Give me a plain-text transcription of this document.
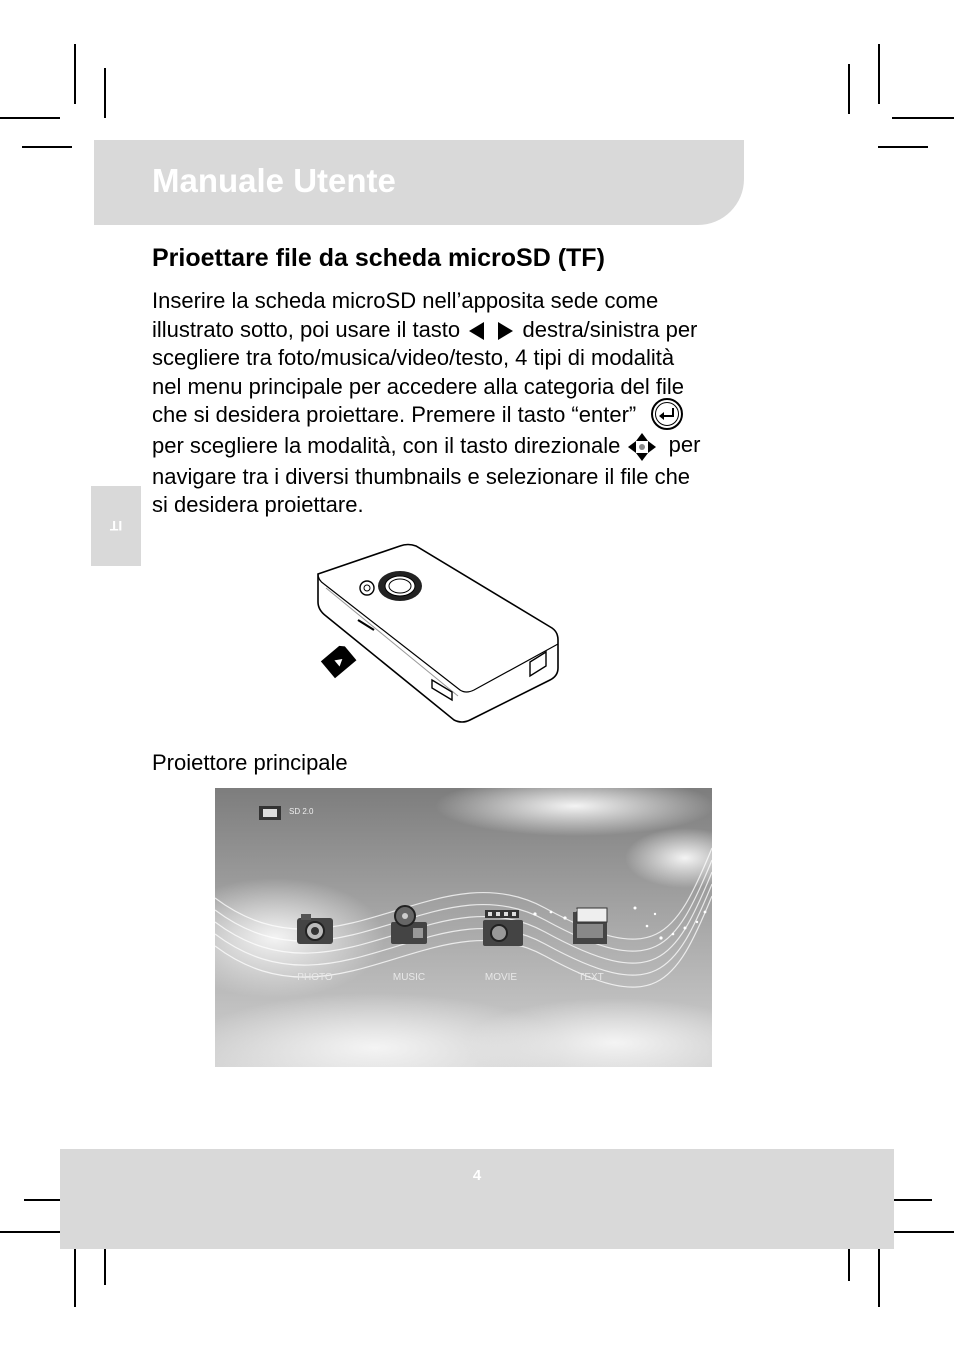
Manuale Utente
IT
Prioettare file da scheda microSD (TF)
Inserire la scheda microSD nell’apposita sede come
illustrato sotto, poi usare il tasto	destra/sinistra per
scegliere tra foto/musica/video/testo, 4 tipi di modalità
nel menu principale per accedere alla categoria del file
che si desidera proiettare. Premere il tasto “enter”
per scegliere la modalità, con il tasto direzionale per
navigare tra i diversi thumbnails e selezionare il file che
si desidera proiettare.
Proiettore principale
SD 2.0
PHOTO	MUSIC	MOVIE	TEXT
4
